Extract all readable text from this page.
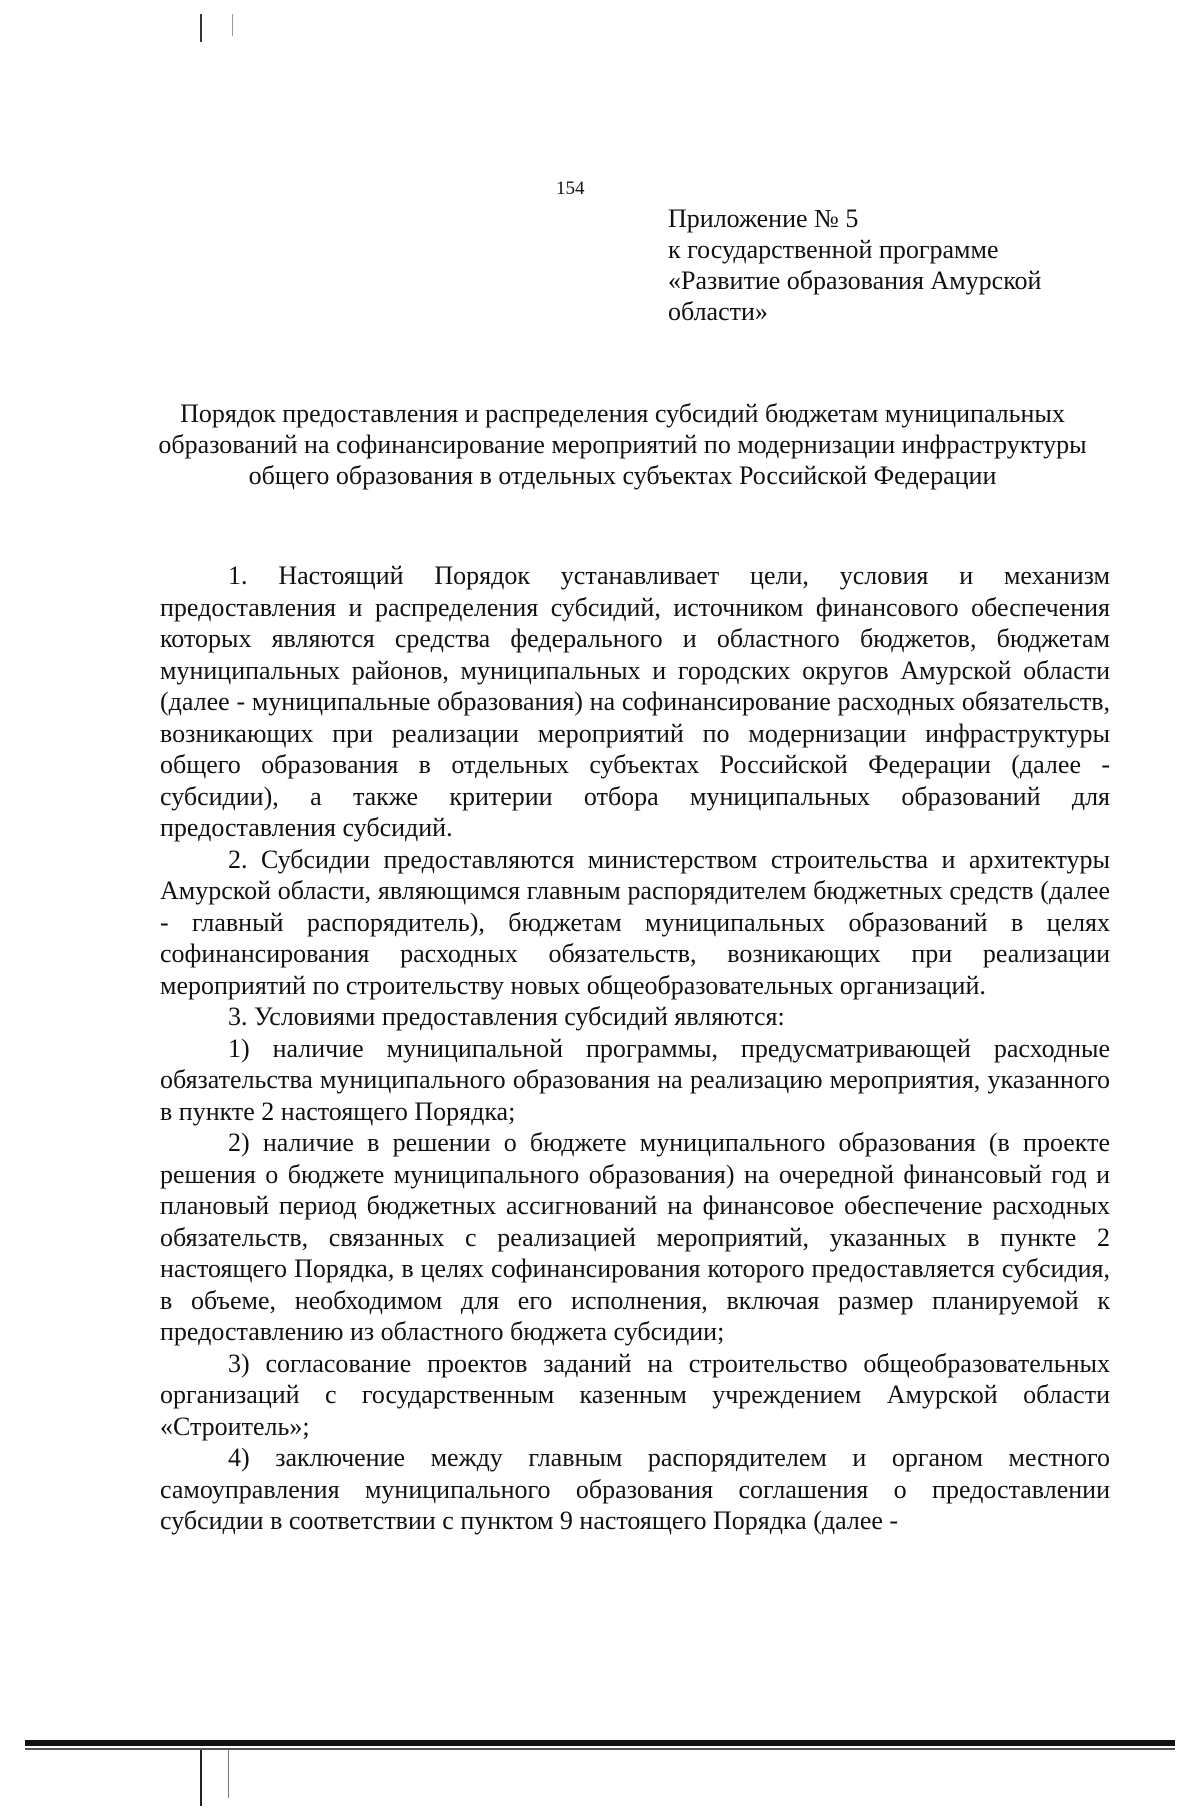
154
Приложение № 5
к государственной программе
«Развитие образования Амурской
области»
Порядок предоставления и распределения субсидий бюджетам муниципальных образований на софинансирование мероприятий по модернизации инфраструктуры общего образования в отдельных субъектах Российской Федерации

1. Настоящий Порядок устанавливает цели, условия и механизм предоставления и распределения субсидий, источником финансового обеспечения которых являются средства федерального и областного бюджетов, бюджетам муниципальных районов, муниципальных и городских округов Амурской области (далее - муниципальные образования) на софинансирование расходных обязательств, возникающих при реализации мероприятий по модернизации инфраструктуры общего образования в отдельных субъектах Российской Федерации (далее - субсидии), а также критерии отбора муниципальных образований для предоставления субсидий.

2. Субсидии предоставляются министерством строительства и архитектуры Амурской области, являющимся главным распорядителем бюджетных средств (далее - главный распорядитель), бюджетам муниципальных образований в целях софинансирования расходных обязательств, возникающих при реализации мероприятий по строительству новых общеобразовательных организаций.

3. Условиями предоставления субсидий являются:

1) наличие муниципальной программы, предусматривающей расходные обязательства муниципального образования на реализацию мероприятия, указанного в пункте 2 настоящего Порядка;

2) наличие в решении о бюджете муниципального образования (в проекте решения о бюджете муниципального образования) на очередной финансовый год и плановый период бюджетных ассигнований на финансовое обеспечение расходных обязательств, связанных с реализацией мероприятий, указанных в пункте 2 настоящего Порядка, в целях софинансирования которого предоставляется субсидия, в объеме, необходимом для его исполнения, включая размер планируемой к предоставлению из областного бюджета субсидии;

3) согласование проектов заданий на строительство общеобразовательных организаций с государственным казенным учреждением Амурской области «Строитель»;

4) заключение между главным распорядителем и органом местного самоуправления муниципального образования соглашения о предоставлении субсидии в соответствии с пунктом 9 настоящего Порядка (далее -
